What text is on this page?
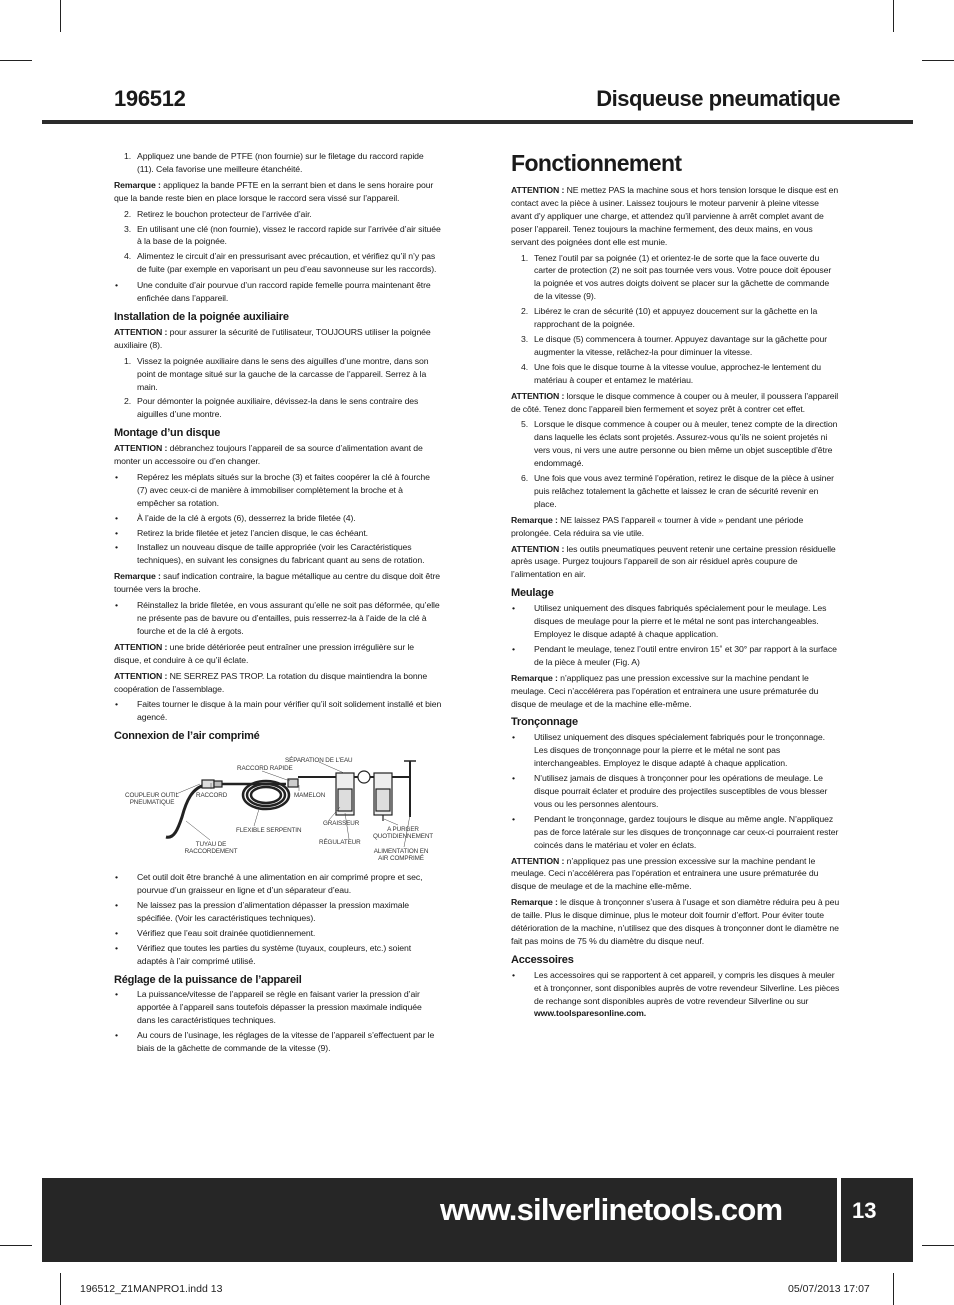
196512	Disqueuse pneumatique
1. Appliquez une bande de PTFE (non fournie) sur le filetage du raccord rapide (11). Cela favorise une meilleure étanchéité.

Remarque : appliquez la bande PFTE en la serrant bien et dans le sens horaire pour que la bande reste bien en place lorsque le raccord sera vissé sur l’appareil.

2. Retirez le bouchon protecteur de l’arrivée d’air.
3. En utilisant une clé (non fournie), vissez le raccord rapide sur l’arrivée d’air située à la base de la poignée.
4. Alimentez le circuit d’air en pressurisant avec précaution, et vérifiez qu’il n’y pas de fuite (par exemple en vaporisant un peu d’eau savonneuse sur les raccords).
• Une conduite d’air pourvue d’un raccord rapide femelle pourra maintenant être enfichée dans l’appareil.
Installation de la poignée auxiliaire

ATTENTION : pour assurer la sécurité de l’utilisateur, TOUJOURS utiliser la poignée auxiliaire (8).

1. Vissez la poignée auxiliaire dans le sens des aiguilles d’une montre, dans son point de montage situé sur la gauche de la carcasse de l’appareil. Serrez à la main.
2. Pour démonter la poignée auxiliaire, dévissez-la dans le sens contraire des aiguilles d’une montre.
Montage d’un disque

ATTENTION : débranchez toujours l’appareil de sa source d’alimentation avant de monter un accessoire ou d’en changer.

• Repérez les méplats situés sur la broche (3) et faites coopérer la clé à fourche (7) avec ceux-ci de manière à immobiliser complètement la broche et à empêcher sa rotation.
• À l’aide de la clé à ergots (6), desserrez la bride filetée (4).
• Retirez la bride filetée et jetez l’ancien disque, le cas échéant.
• Installez un nouveau disque de taille appropriée (voir les Caractéristiques techniques), en suivant les consignes du fabricant quant au sens de rotation.

Remarque : sauf indication contraire, la bague métallique au centre du disque doit être tournée vers la broche.

• Réinstallez la bride filetée, en vous assurant qu’elle ne soit pas déformée, qu’elle ne présente pas de bavure ou d’entailles, puis resserrez-la à l’aide de la clé à fourche et de la clé à ergots.

ATTENTION : une bride détériorée peut entraîner une pression irrégulière sur le disque, et conduire à ce qu’il éclate.

ATTENTION : NE SERREZ PAS TROP. La rotation du disque maintiendra la bonne coopération de l’assemblage.

• Faites tourner le disque à la main pour vérifier qu’il soit solidement installé et bien agencé.
Connexion de l’air comprimé
SÉPARATION DE L’EAU
RACCORD RAPIDE
COUPLEUR OUTIL PNEUMATIQUE
RACCORD	MAMELON
GRAISSEUR
FLEXIBLE SERPENTIN	A PURGER QUOTIDIENNEMENT
TUYAU DE RACCORDEMENT
RÉGULATEUR
ALIMENTATION EN AIR COMPRIMÉ
• Cet outil doit être branché à une alimentation en air comprimé propre et sec, pourvue d’un graisseur en ligne et d’un séparateur d’eau.
• Ne laissez pas la pression d’alimentation dépasser la pression maximale spécifiée. (Voir les caractéristiques techniques).
• Vérifiez que l’eau soit drainée quotidiennement.
• Vérifiez que toutes les parties du système (tuyaux, coupleurs, etc.) soient adaptés à l’air comprimé utilisé.
Réglage de la puissance de l’appareil
• La puissance/vitesse de l’appareil se règle en faisant varier la pression d’air apportée à l’appareil sans toutefois dépasser la pression maximale indiquée dans les caractéristiques techniques.
• Au cours de l’usinage, les réglages de la vitesse de l’appareil s’effectuent par le biais de la gâchette de commande de la vitesse (9).
Fonctionnement

ATTENTION : NE mettez PAS la machine sous et hors tension lorsque le disque est en contact avec la pièce à usiner. Laissez toujours le moteur parvenir à pleine vitesse avant d’y appliquer une charge, et attendez qu’il parvienne à arrêt complet avant de poser l’appareil. Tenez toujours la machine fermement, des deux mains, en vous servant des poignées dont elle est munie.

1. Tenez l’outil par sa poignée (1) et orientez-le de sorte que la face ouverte du carter de protection (2) ne soit pas tournée vers vous. Votre pouce doit épouser la poignée et vos autres doigts doivent se placer sur la gâchette de commande de la vitesse (9).
2. Libérez le cran de sécurité (10) et appuyez doucement sur la gâchette en la rapprochant de la poignée.
3. Le disque (5) commencera à tourner. Appuyez davantage sur la gâchette pour augmenter la vitesse, relâchez-la pour diminuer la vitesse.
4. Une fois que le disque tourne à la vitesse voulue, approchez-le lentement du matériau à couper et entamez le matériau.

ATTENTION : lorsque le disque commence à couper ou à meuler, il poussera l’appareil de côté. Tenez donc l’appareil bien fermement et soyez prêt à contrer cet effet.

5. Lorsque le disque commence à couper ou à meuler, tenez compte de la direction dans laquelle les éclats sont projetés. Assurez-vous qu’ils ne soient projetés ni vers vous, ni vers une autre personne ou bien même un objet susceptible d’être endommagé.
6. Une fois que vous avez terminé l’opération, retirez le disque de la pièce à usiner puis relâchez totalement la gâchette et laissez le cran de sécurité revenir en place.

Remarque : NE laissez PAS l’appareil « tourner à vide » pendant une période prolongée. Cela réduira sa vie utile.

ATTENTION : les outils pneumatiques peuvent retenir une certaine pression résiduelle après usage. Purgez toujours l’appareil de son air résiduel après coupure de l’alimentation en air.

Meulage
• Utilisez uniquement des disques fabriqués spécialement pour le meulage. Les disques de meulage pour la pierre et le métal ne sont pas interchangeables. Employez le disque adapté à chaque application.
• Pendant le meulage, tenez l’outil entre environ 15˚ et 30° par rapport à la surface de la pièce à meuler (Fig. A)

Remarque : n’appliquez pas une pression excessive sur la machine pendant le meulage. Ceci n’accélérera pas l’opération et entrainera une usure prématurée du disque de meulage et de la machine elle-même.

Tronçonnage
• Utilisez uniquement des disques spécialement fabriqués pour le tronçonnage. Les disques de tronçonnage pour la pierre et le métal ne sont pas interchangeables. Employez le disque adapté à chaque application.
• N’utilisez jamais de disques à tronçonner pour les opérations de meulage. Le disque pourrait éclater et produire des projectiles susceptibles de vous blesser vous ou les personnes alentours.
• Pendant le tronçonnage, gardez toujours le disque au même angle. N’appliquez pas de force latérale sur les disques de tronçonnage car ceux-ci pourraient rester coincés dans le matériau et voler en éclats.

ATTENTION : n’appliquez pas une pression excessive sur la machine pendant le meulage. Ceci n’accélérera pas l’opération et entrainera une usure prématurée du disque de meulage et de la machine elle-même.

Remarque : le disque à tronçonner s’usera à l’usage et son diamètre réduira peu à peu de taille. Plus le disque diminue, plus le moteur doit fournir d’effort. Pour éviter toute détérioration de la machine, n’utilisez que des disques à tronçonner dont le diamètre ne fait pas moins de 75 % du diamètre du disque neuf.

Accessoires
• Les accessoires qui se rapportent à cet appareil, y compris les disques à meuler et à tronçonner, sont disponibles auprès de votre revendeur Silverline. Les pièces de rechange sont disponibles auprès de votre revendeur Silverline ou sur www.toolsparesonline.com.
www.silverlinetools.com	13
196512_Z1MANPRO1.indd 13	05/07/2013 17:07
